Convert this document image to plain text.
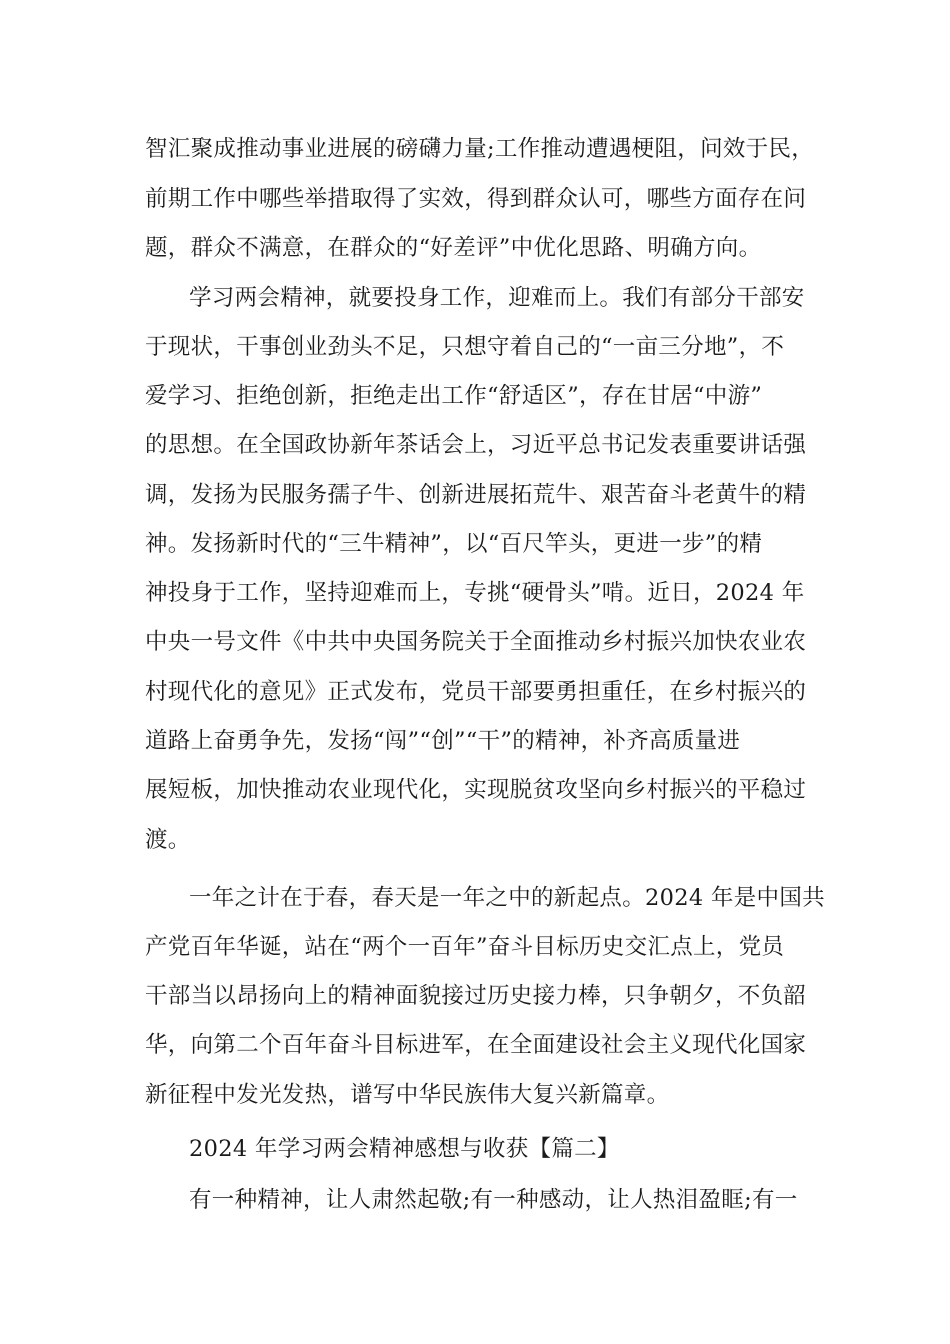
智汇聚成推动事业进展的磅礴力量;工作推动遭遇梗阻，问效于民，
前期工作中哪些举措取得了实效，得到群众认可，哪些方面存在问
题，群众不满意，在群众的“好差评”中优化思路、明确方向。
学习两会精神，就要投身工作，迎难而上。我们有部分干部安
于现状，干事创业劲头不足，只想守着自己的“一亩三分地”，不
爱学习、拒绝创新，拒绝走出工作“舒适区”，存在甘居“中游”
的思想。在全国政协新年茶话会上，习近平总书记发表重要讲话强
调，发扬为民服务孺子牛、创新进展拓荒牛、艰苦奋斗老黄牛的精
神。发扬新时代的“三牛精神”，以“百尺竿头，更进一步”的精
神投身于工作，坚持迎难而上，专挑“硬骨头”啃。近日，2024 年
中央一号文件《中共中央国务院关于全面推动乡村振兴加快农业农
村现代化的意见》正式发布，党员干部要勇担重任，在乡村振兴的
道路上奋勇争先，发扬“闯”“创”“干”的精神，补齐高质量进
展短板，加快推动农业现代化，实现脱贫攻坚向乡村振兴的平稳过
渡。
一年之计在于春，春天是一年之中的新起点。2024 年是中国共
产党百年华诞，站在“两个一百年”奋斗目标历史交汇点上，党员
干部当以昂扬向上的精神面貌接过历史接力棒，只争朝夕，不负韶
华，向第二个百年奋斗目标进军，在全面建设社会主义现代化国家
新征程中发光发热，谱写中华民族伟大复兴新篇章。
2024 年学习两会精神感想与收获【篇二】
有一种精神，让人肃然起敬;有一种感动，让人热泪盈眶;有一
